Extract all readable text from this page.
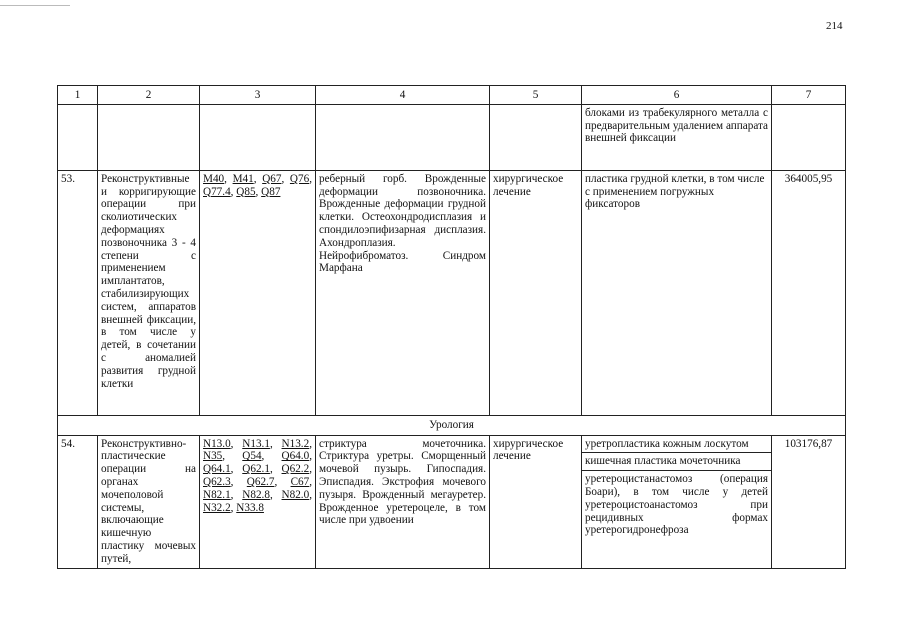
214
1	2	3	4	5	6	7
					блоками из трабекулярного металла с предварительным удалением аппарата внешней фиксации	
53.	Реконструктивные и корригирующие операции при сколиотических деформациях позвоночника 3 - 4 степени с применением имплантатов, стабилизирующих систем, аппаратов внешней фиксации, в том числе у детей, в сочетании с аномалией развития грудной клетки	M40, M41, Q67, Q76, Q77.4, Q85, Q87	реберный горб. Врожденные деформации позвоночника. Врожденные деформации грудной клетки. Остеохондродисплазия и спондилоэпифизарная дисплазия. Ахондроплазия. Нейрофиброматоз. Синдром Марфана	хирургическое лечение	пластика грудной клетки, в том числе с применением погружных фиксаторов	364005,95
Урология						
54.	Реконструктивно-пластические операции на органах мочеполовой системы, включающие кишечную пластику мочевых путей,	N13.0, N13.1, N13.2, N35, Q54, Q64.0, Q64.1, Q62.1, Q62.2, Q62.3, Q62.7, C67, N82.1, N82.8, N82.0, N32.2, N33.8	стриктура мочеточника. Стриктура уретры. Сморщенный мочевой пузырь. Гипоспадия. Эписпадия. Экстрофия мочевого пузыря. Врожденный мегауретер. Врожденное уретероцеле, в том числе при удвоении	хирургическое лечение	уретропластика кожным лоскутом
кишечная пластика мочеточника
уретероцистанастомоз (операция Боари), в том числе у детей уретероцистоанастомоз при рецидивных формах уретерогидронефроза	103176,87
